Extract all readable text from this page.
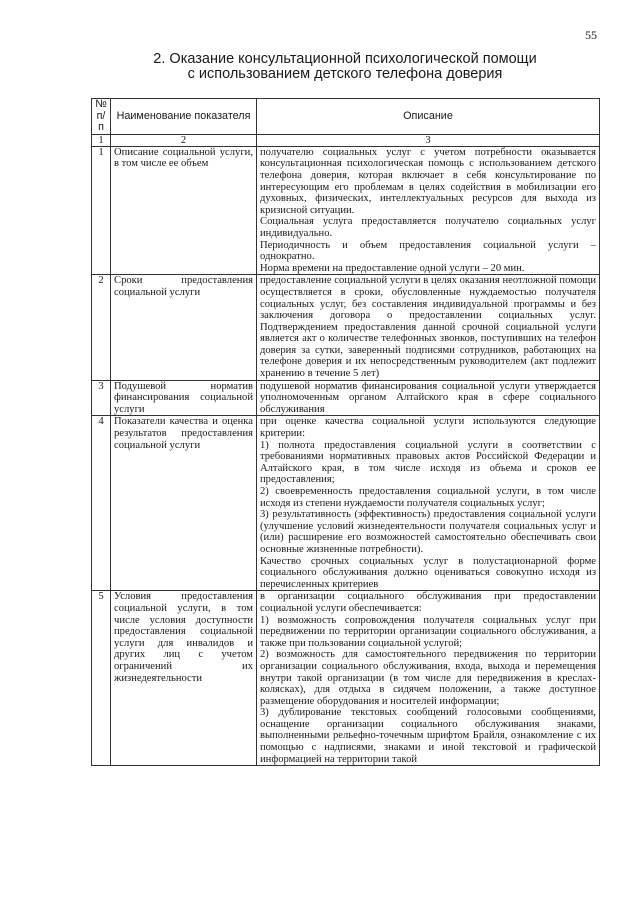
55
2. Оказание консультационной психологической помощи
с использованием детского телефона доверия
№ п/п	Наименование показателя	Описание
1	2	3
1	Описание социальной услуги, в том числе ее объем	получателю социальных услуг с учетом потребности оказывается консультационная психологическая помощь с использованием детского телефона доверия, которая включает в себя консультирование по интересующим его проблемам в целях содействия в мобилизации его духовных, физических, интеллектуальных ресурсов для выхода из кризисной ситуации.
Социальная услуга предоставляется получателю социальных услуг индивидуально.
Периодичность и объем предоставления социальной услуги – однократно.
Норма времени на предоставление одной услуги – 20 мин.

2	Сроки предоставления социальной услуги	предоставление социальной услуги в целях оказания неотложной помощи осуществляется в сроки, обусловленные нуждаемостью получателя социальных услуг, без составления индивидуальной программы и без заключения договора о предоставлении социальных услуг. Подтверждением предоставления данной срочной социальной услуги является акт о количестве телефонных звонков, поступивших на телефон доверия за сутки, заверенный подписями сотрудников, работающих на телефоне доверия и их непосредственным руководителем (акт подлежит хранению в течение 5 лет)

3	Подушевой норматив финансирования социальной услуги	подушевой норматив финансирования социальной услуги утверждается уполномоченным органом Алтайского края в сфере социального обслуживания

4	Показатели качества и оценка результатов предоставления социальной услуги	при оценке качества социальной услуги используются следующие критерии:
1) полнота предоставления социальной услуги в соответствии с требованиями нормативных правовых актов Российской Федерации и Алтайского края, в том числе исходя из объема и сроков ее предоставления;
2) своевременность предоставления социальной услуги, в том числе исходя из степени нуждаемости получателя социальных услуг;
3) результативность (эффективность) предоставления социальной услуги (улучшение условий жизнедеятельности получателя социальных услуг и (или) расширение его возможностей самостоятельно обеспечивать свои основные жизненные потребности).
Качество срочных социальных услуг в полустационарной форме социального обслуживания должно оцениваться совокупно исходя из перечисленных критериев

5	Условия предоставления социальной услуги, в том числе условия доступности предоставления социальной услуги для инвалидов и других лиц с учетом ограничений их жизнедеятельности	в организации социального обслуживания при предоставлении социальной услуги обеспечивается:
1) возможность сопровождения получателя социальных услуг при передвижении по территории организации социального обслуживания, а также при пользовании социальной услугой;
2) возможность для самостоятельного передвижения по территории организации социального обслуживания, входа, выхода и перемещения внутри такой организации (в том числе для передвижения в креслах-колясках), для отдыха в сидячем положении, а также доступное размещение оборудования и носителей информации;
3) дублирование текстовых сообщений голосовыми сообщениями, оснащение организации социального обслуживания знаками, выполненными рельефно-точечным шрифтом Брайля, ознакомление с их помощью с надписями, знаками и иной текстовой и графической информацией на территории такой
